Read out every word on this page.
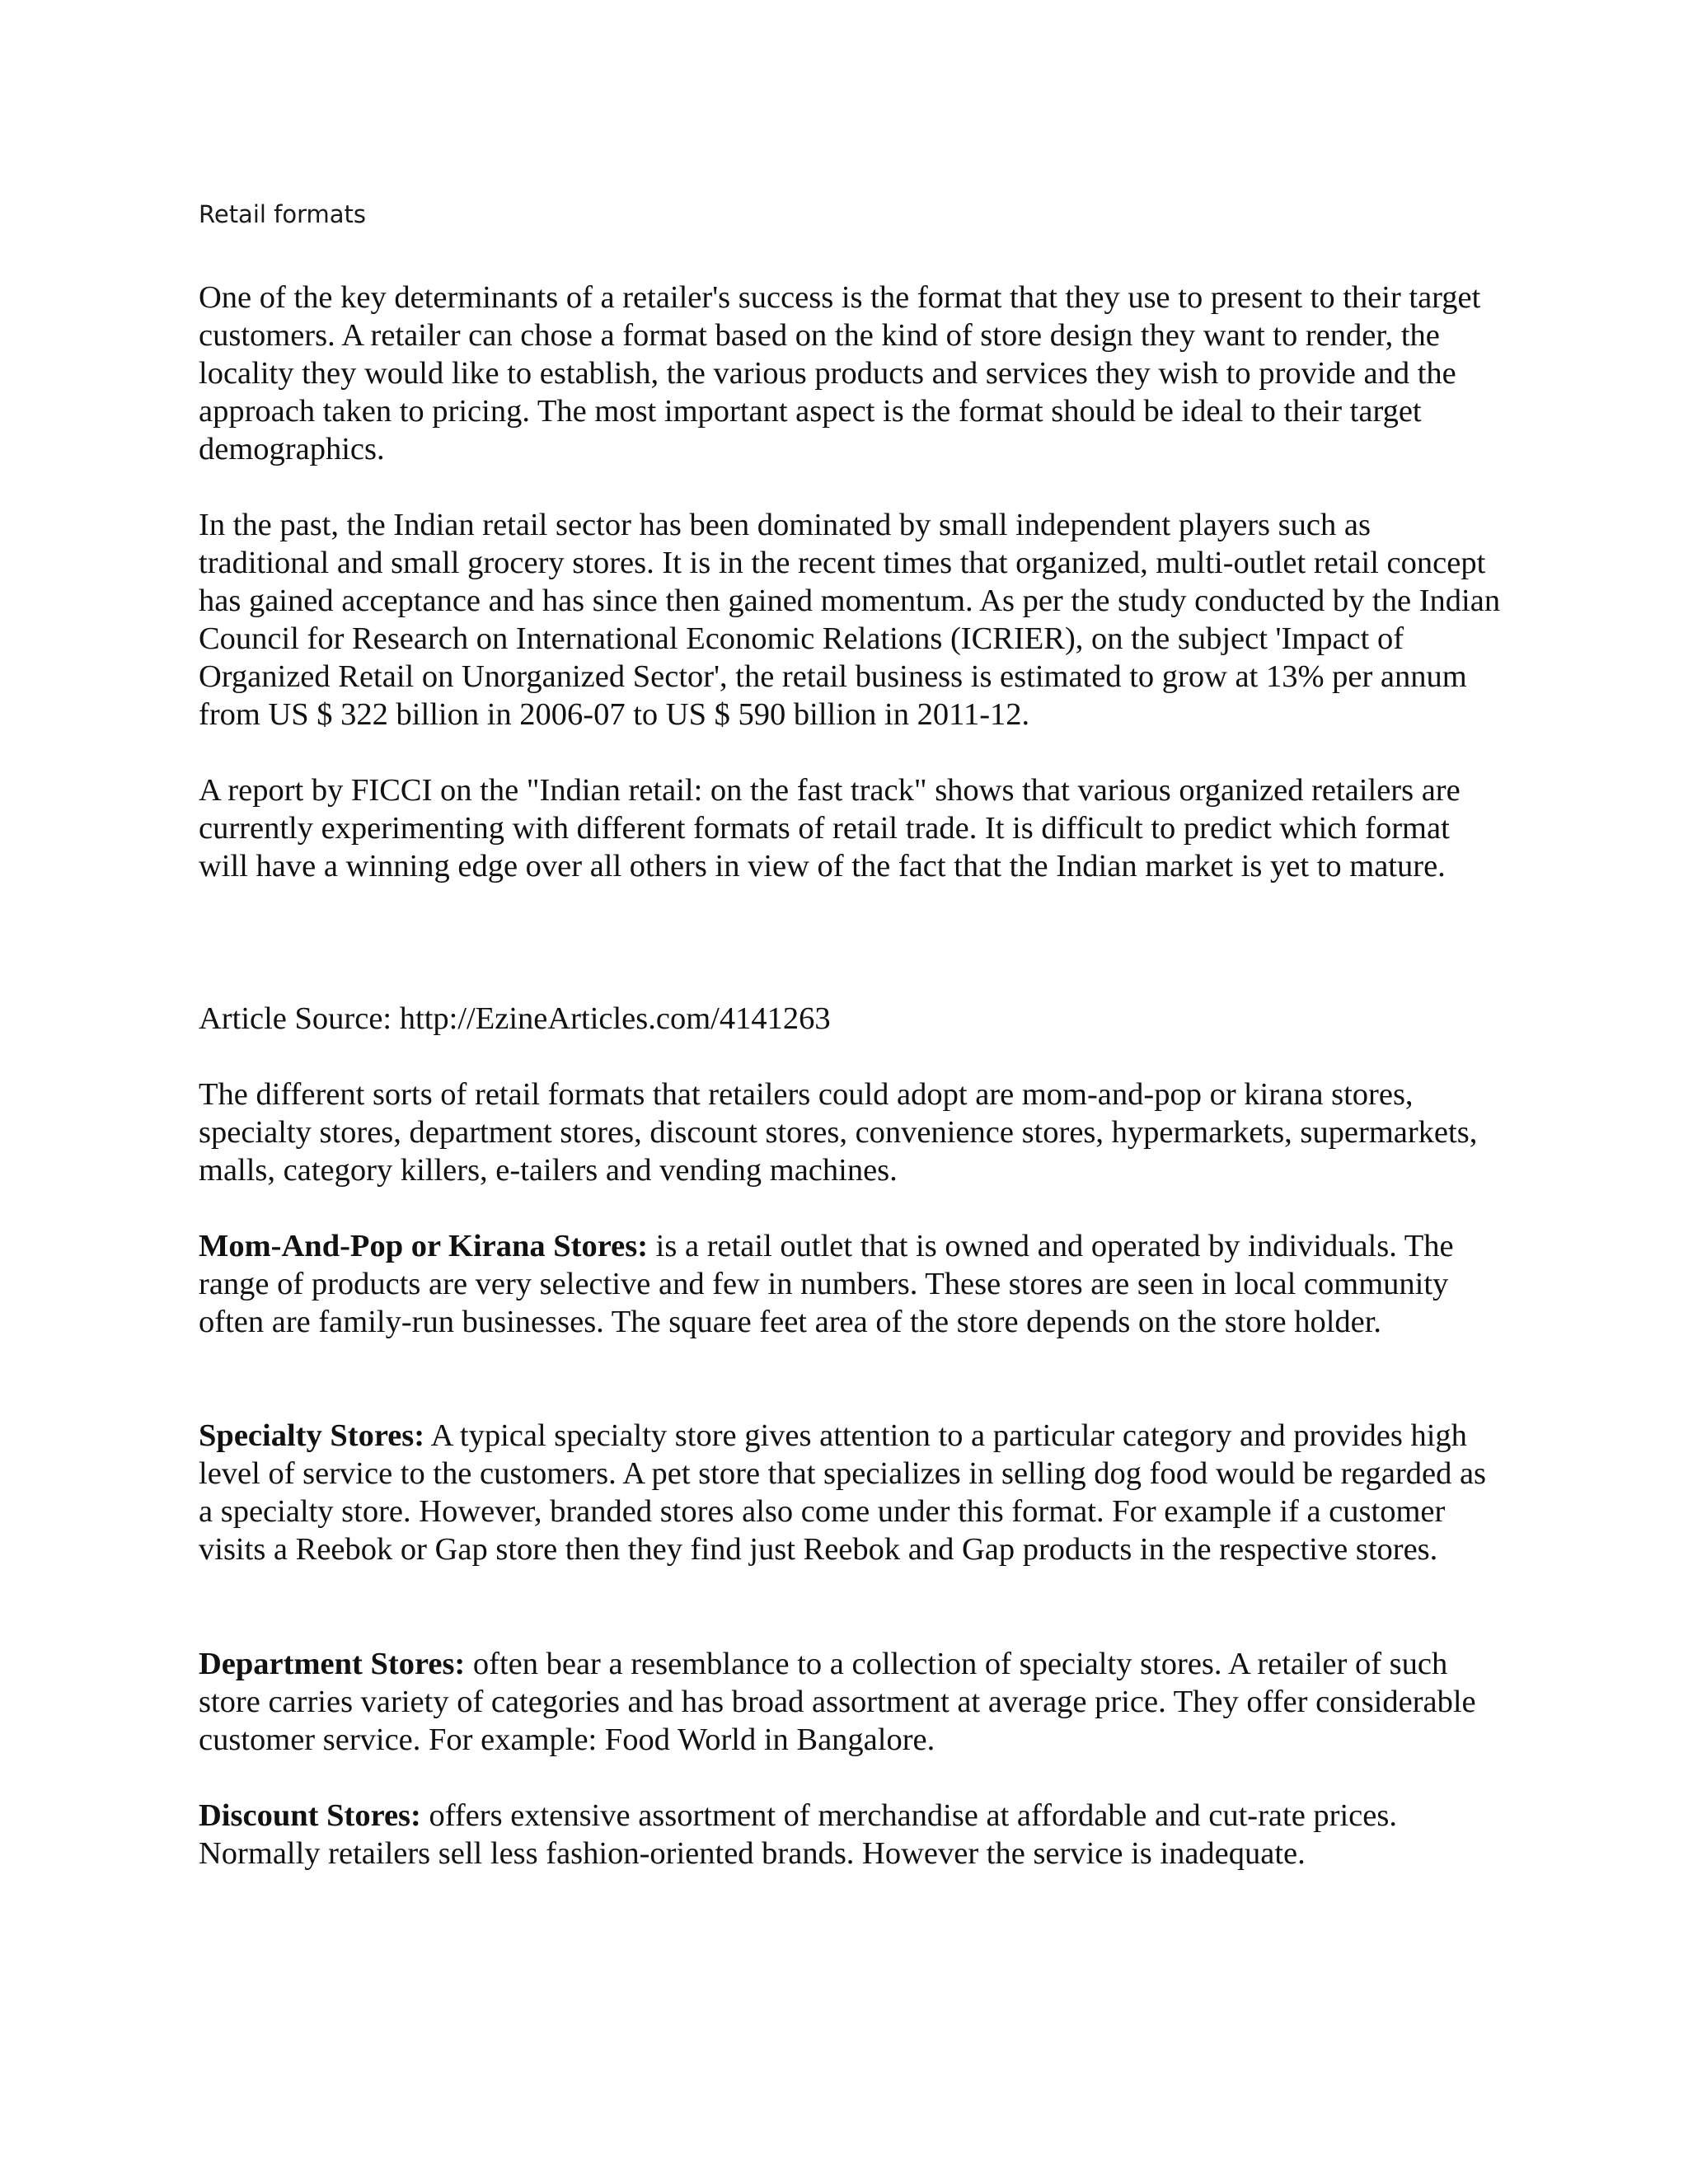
Retail formats

One of the key determinants of a retailer's success is the format that they use to present to their target customers. A retailer can chose a format based on the kind of store design they want to render, the locality they would like to establish, the various products and services they wish to provide and the approach taken to pricing. The most important aspect is the format should be ideal to their target demographics.

In the past, the Indian retail sector has been dominated by small independent players such as traditional and small grocery stores. It is in the recent times that organized, multi-outlet retail concept has gained acceptance and has since then gained momentum. As per the study conducted by the Indian Council for Research on International Economic Relations (ICRIER), on the subject 'Impact of Organized Retail on Unorganized Sector', the retail business is estimated to grow at 13% per annum from US $ 322 billion in 2006-07 to US $ 590 billion in 2011-12.

A report by FICCI on the "Indian retail: on the fast track" shows that various organized retailers are currently experimenting with different formats of retail trade. It is difficult to predict which format will have a winning edge over all others in view of the fact that the Indian market is yet to mature.

Article Source: http://EzineArticles.com/4141263

The different sorts of retail formats that retailers could adopt are mom-and-pop or kirana stores, specialty stores, department stores, discount stores, convenience stores, hypermarkets, supermarkets, malls, category killers, e-tailers and vending machines.

Mom-And-Pop or Kirana Stores: is a retail outlet that is owned and operated by individuals. The range of products are very selective and few in numbers. These stores are seen in local community often are family-run businesses. The square feet area of the store depends on the store holder.

Specialty Stores: A typical specialty store gives attention to a particular category and provides high level of service to the customers. A pet store that specializes in selling dog food would be regarded as a specialty store. However, branded stores also come under this format. For example if a customer visits a Reebok or Gap store then they find just Reebok and Gap products in the respective stores.

Department Stores: often bear a resemblance to a collection of specialty stores. A retailer of such store carries variety of categories and has broad assortment at average price. They offer considerable customer service. For example: Food World in Bangalore.

Discount Stores: offers extensive assortment of merchandise at affordable and cut-rate prices. Normally retailers sell less fashion-oriented brands. However the service is inadequate.
